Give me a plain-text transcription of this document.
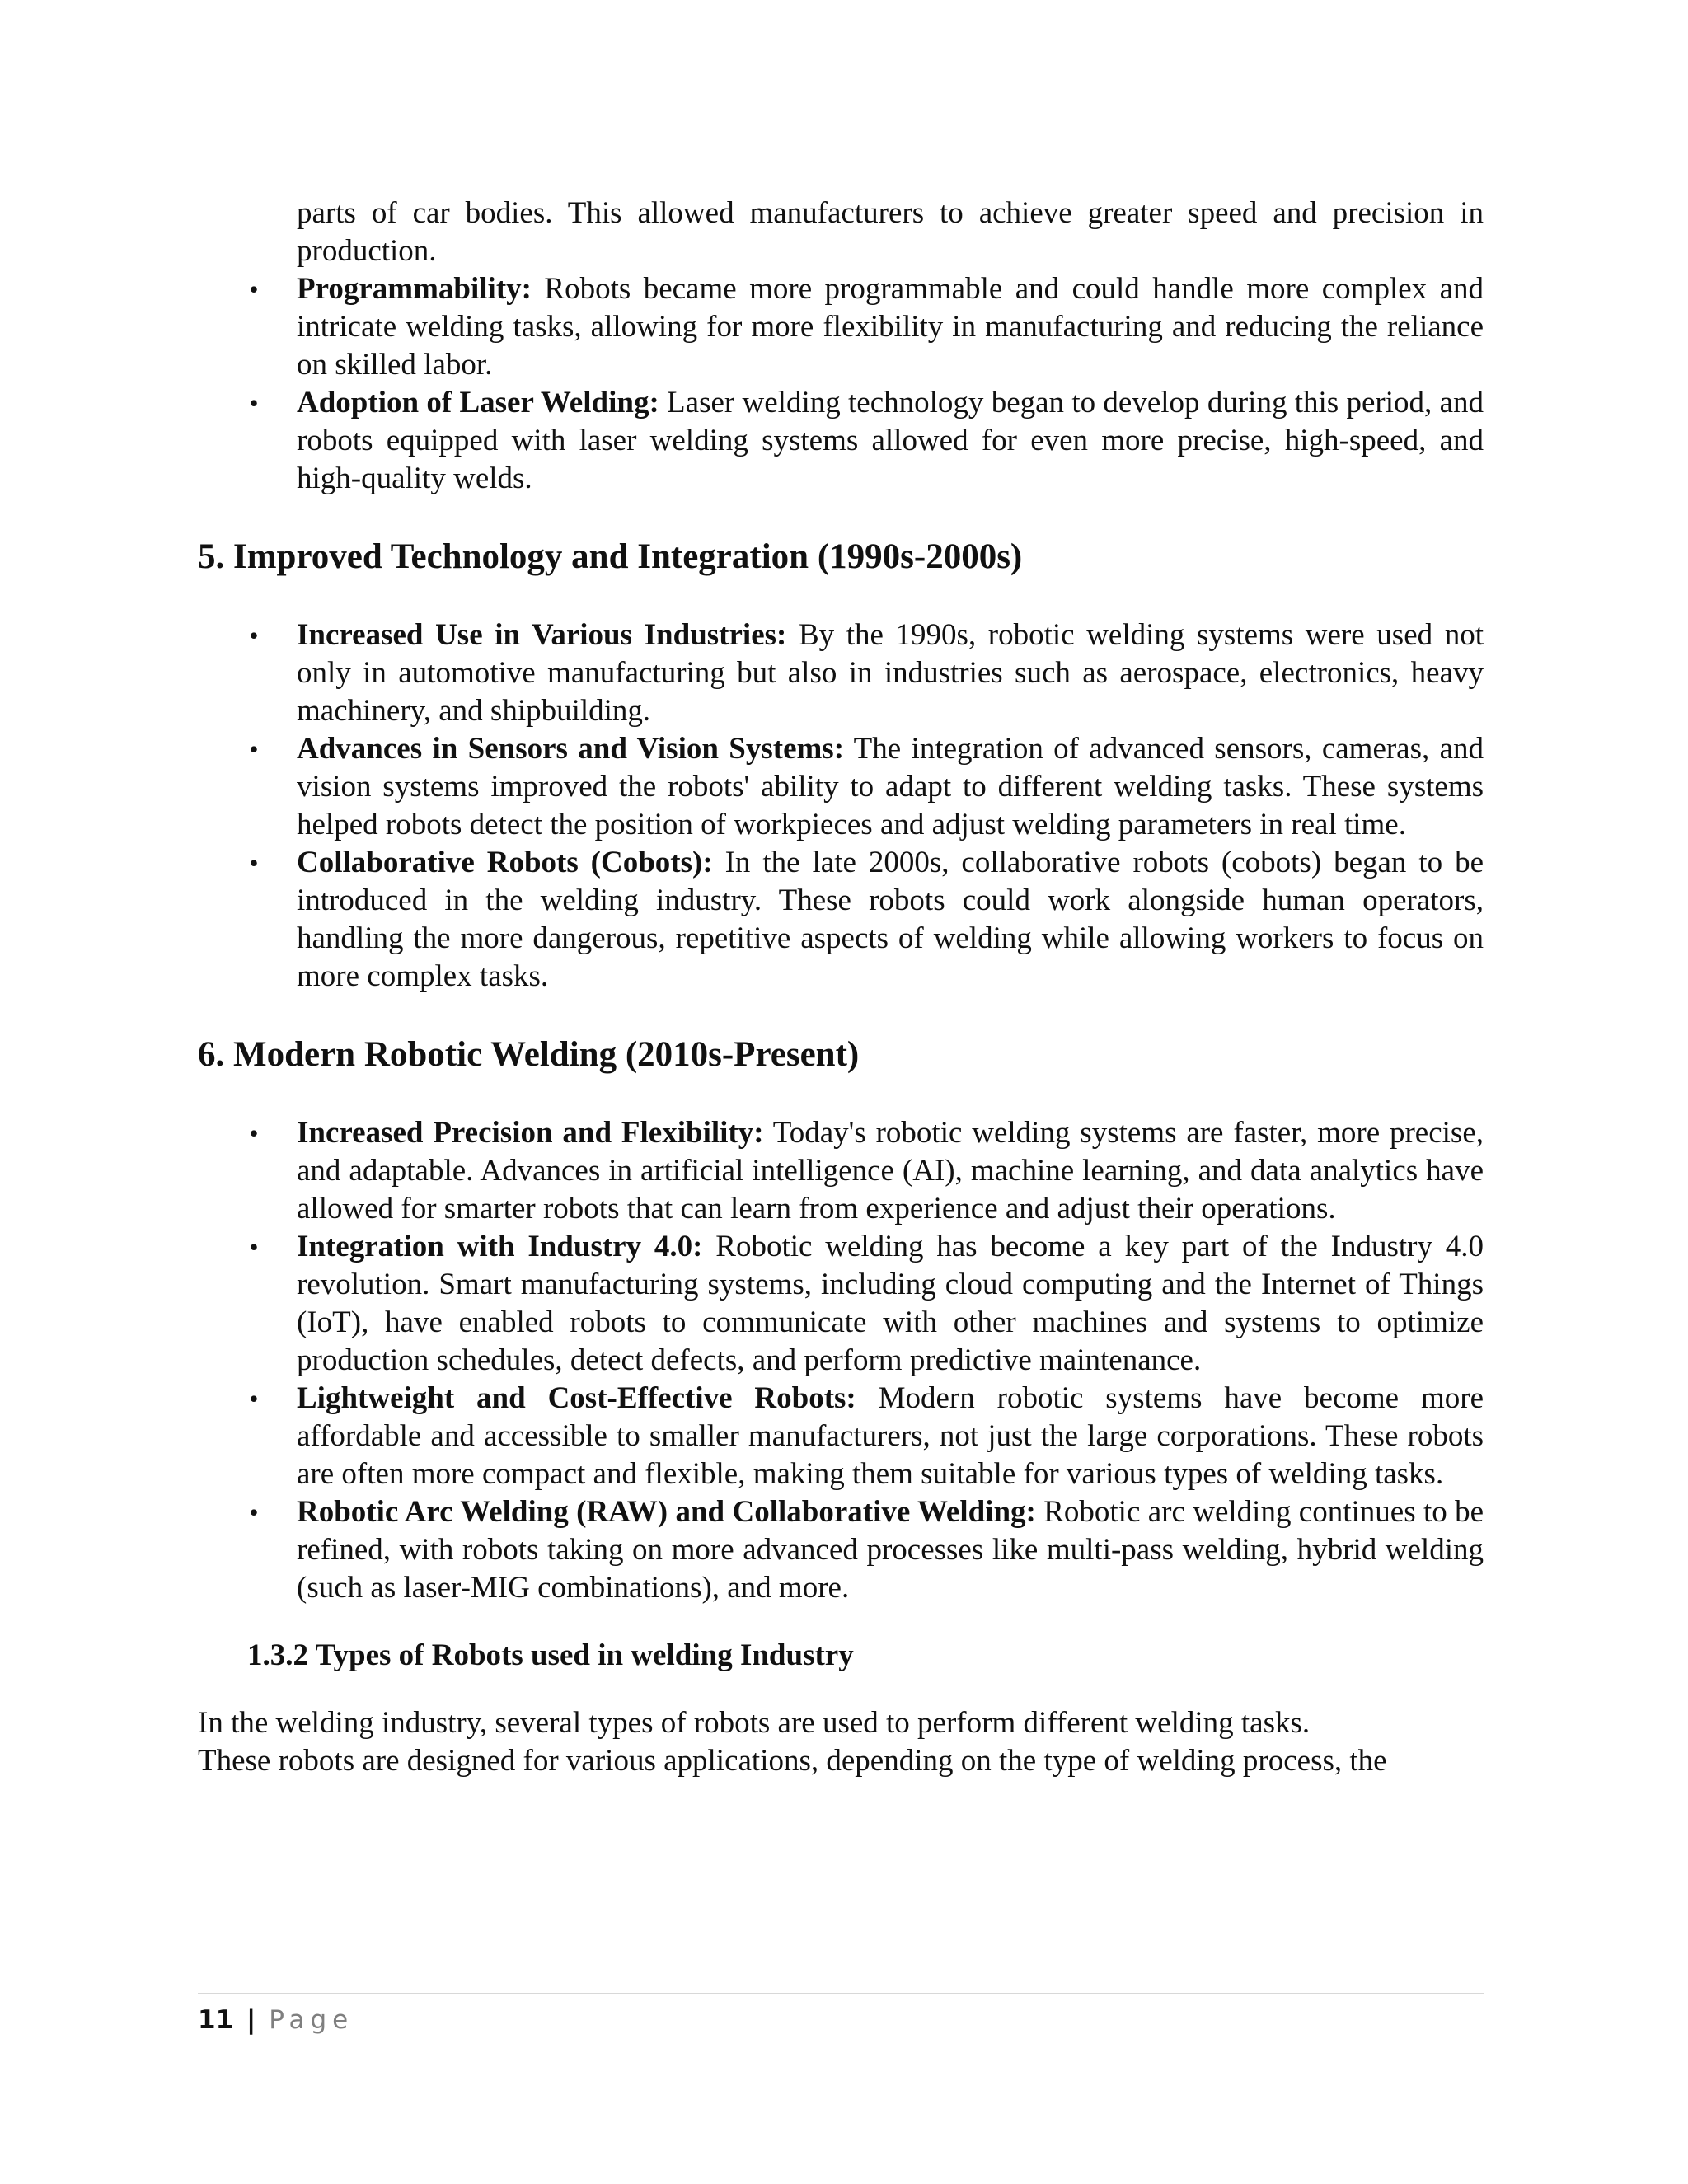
parts of car bodies. This allowed manufacturers to achieve greater speed and precision in production.
• Programmability: Robots became more programmable and could handle more complex and intricate welding tasks, allowing for more flexibility in manufacturing and reducing the reliance on skilled labor.
• Adoption of Laser Welding: Laser welding technology began to develop during this period, and robots equipped with laser welding systems allowed for even more precise, high-speed, and high-quality welds.
5. Improved Technology and Integration (1990s-2000s)
• Increased Use in Various Industries: By the 1990s, robotic welding systems were used not only in automotive manufacturing but also in industries such as aerospace, electronics, heavy machinery, and shipbuilding.
• Advances in Sensors and Vision Systems: The integration of advanced sensors, cameras, and vision systems improved the robots' ability to adapt to different welding tasks. These systems helped robots detect the position of workpieces and adjust welding parameters in real time.
• Collaborative Robots (Cobots): In the late 2000s, collaborative robots (cobots) began to be introduced in the welding industry. These robots could work alongside human operators, handling the more dangerous, repetitive aspects of welding while allowing workers to focus on more complex tasks.
6. Modern Robotic Welding (2010s-Present)
• Increased Precision and Flexibility: Today's robotic welding systems are faster, more precise, and adaptable. Advances in artificial intelligence (AI), machine learning, and data analytics have allowed for smarter robots that can learn from experience and adjust their operations.
• Integration with Industry 4.0: Robotic welding has become a key part of the Industry 4.0 revolution. Smart manufacturing systems, including cloud computing and the Internet of Things (IoT), have enabled robots to communicate with other machines and systems to optimize production schedules, detect defects, and perform predictive maintenance.
• Lightweight and Cost-Effective Robots: Modern robotic systems have become more affordable and accessible to smaller manufacturers, not just the large corporations. These robots are often more compact and flexible, making them suitable for various types of welding tasks.
• Robotic Arc Welding (RAW) and Collaborative Welding: Robotic arc welding continues to be refined, with robots taking on more advanced processes like multi-pass welding, hybrid welding (such as laser-MIG combinations), and more.
1.3.2 Types of Robots used in welding Industry

In the welding industry, several types of robots are used to perform different welding tasks.
These robots are designed for various applications, depending on the type of welding process, the

11 | Page
